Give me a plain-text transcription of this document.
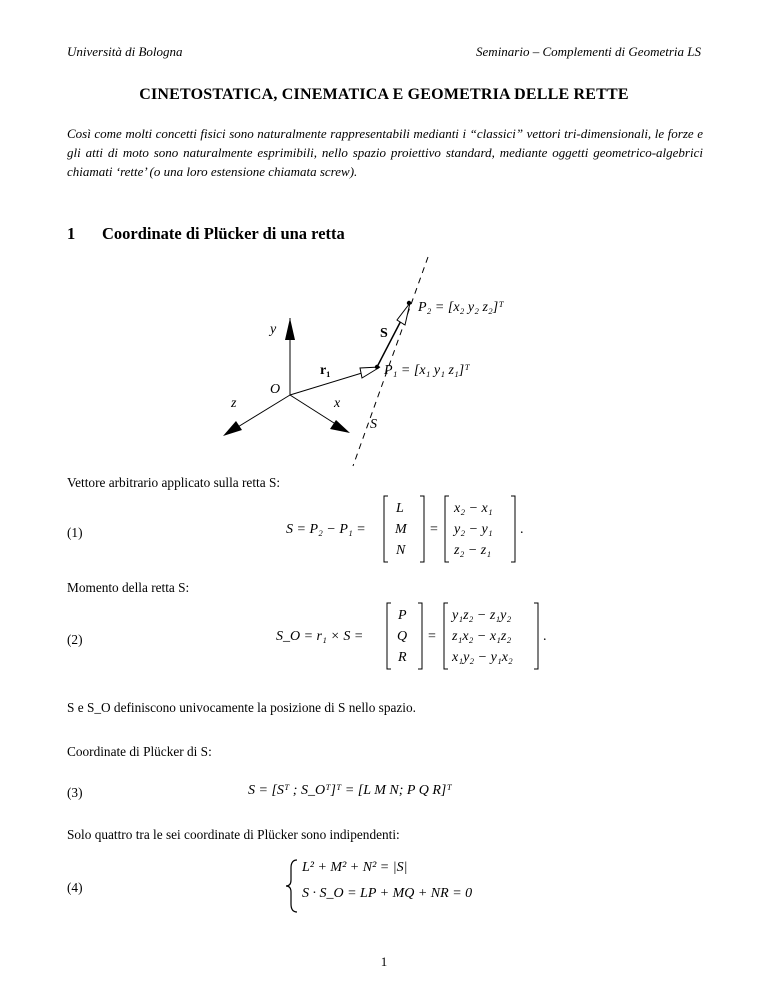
Università di Bologna	Seminario – Complementi di Geometria LS
CINETOSTATICA, CINEMATICA E GEOMETRIA DELLE RETTE
Così come molti concetti fisici sono naturalmente rappresentabili medianti i “classici” vettori tri-dimensionali, le forze e gli atti di moto sono naturalmente esprimibili, nello spazio proiettivo standard, mediante oggetti geometrico-algebrici chiamati ‘rette’ (o una loro estensione chiamata screw).
1 Coordinate di Plücker di una retta
P₂ = [x₂ y₂ z₂]ᵀ
P₁ = [x₁ y₁ z₁]ᵀ
y
x
z
O
S
r₁
S
Vettore arbitrario applicato sulla retta S:
(1)	S = P₂ − P₁ =
L
M
N
=
x₂ − x₁
y₂ − y₁
z₂ − z₁
.
Momento della retta S:
(2)	S_O = r₁ × S =
P
Q
R
=
y₁z₂ − z₁y₂
z₁x₂ − x₁z₂
x₁y₂ − y₁x₂
.
S e S_O definiscono univocamente la posizione di S nello spazio.
Coordinate di Plücker di S:
(3)	S = [Sᵀ ; S_Oᵀ]ᵀ = [L M N; P Q R]ᵀ
Solo quattro tra le sei coordinate di Plücker sono indipendenti:
(4)
L² + M² + N² = |S|
S · S_O = LP + MQ + NR = 0
1
